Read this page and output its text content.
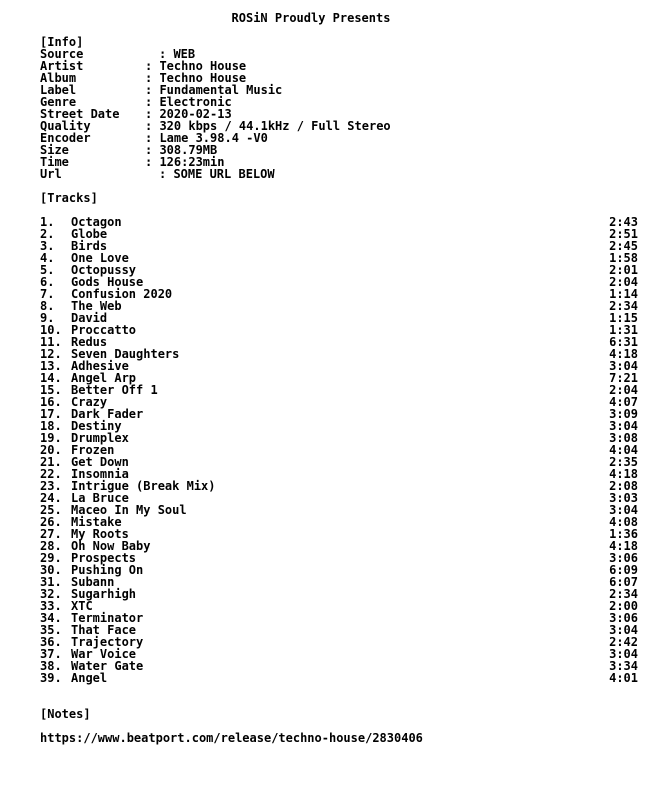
ROSiN Proudly Presents
[Info]
Source	: WEB
Artist	: Techno House
Album	: Techno House
Label	: Fundamental Music
Genre	: Electronic
Street Date : 2020-02-13
Quality	: 320 kbps / 44.1kHz / Full Stereo
Encoder	: Lame 3.98.4 -V0
Size	: 308.79MB
Time	: 126:23min
Url	: SOME URL BELOW
[Tracks]
1. Octagon	2:43
2. Globe	2:51
3. Birds	2:45
4. One Love	1:58
5. Octopussy	2:01
6. Gods House	2:04
7. Confusion 2020	1:14
8. The Web	2:34
9. David	1:15
10. Proccatto	1:31
11. Redus	6:31
12. Seven Daughters	4:18
13. Adhesive	3:04
14. Angel Arp	7:21
15. Better Off 1	2:04
16. Crazy	4:07
17. Dark Fader	3:09
18. Destiny	3:04
19. Drumplex	3:08
20. Frozen	4:04
21. Get Down	2:35
22. Insomnia	4:18
23. Intrigue (Break Mix)	2:08
24. La Bruce	3:03
25. Maceo In My Soul	3:04
26. Mistake	4:08
27. My Roots	1:36
28. Oh Now Baby	4:18
29. Prospects	3:06
30. Pushing On	6:09
31. Subann	6:07
32. Sugarhigh	2:34
33. XTC	2:00
34. Terminator	3:06
35. That Face	3:04
36. Trajectory	2:42
37. War Voice	3:04
38. Water Gate	3:34
39. Angel	4:01
[Notes]
https://www.beatport.com/release/techno-house/2830406
